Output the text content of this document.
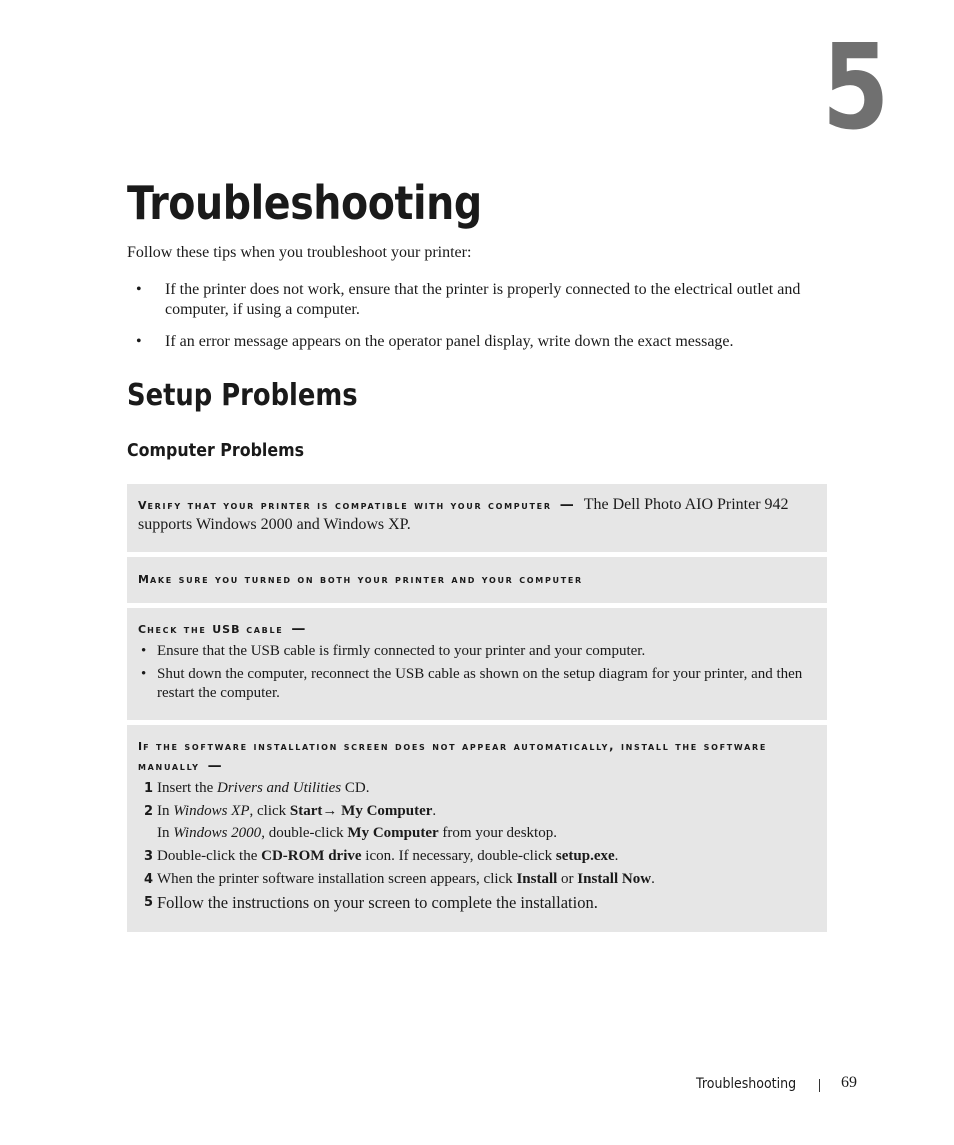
5
Troubleshooting

Follow these tips when you troubleshoot your printer:

• If the printer does not work, ensure that the printer is properly connected to the electrical outlet and computer, if using a computer.
• If an error message appears on the operator panel display, write down the exact message.
Setup Problems
Computer Problems
verify that your printer is compatible with your computer — The Dell Photo AIO Printer 942 supports Windows 2000 and Windows XP.
make sure you turned on both your printer and your computer
check the usb cable —
• Ensure that the USB cable is firmly connected to your printer and your computer.
• Shut down the computer, reconnect the USB cable as shown on the setup diagram for your printer, and then restart the computer.
if the software installation screen does not appear automatically, install the software manually —
1 Insert the Drivers and Utilities CD.
2 In Windows XP, click Start→ My Computer.
In Windows 2000, double-click My Computer from your desktop.
3 Double-click the CD-ROM drive icon. If necessary, double-click setup.exe.
4 When the printer software installation screen appears, click Install or Install Now.
5 Follow the instructions on your screen to complete the installation.
Troubleshooting	69
